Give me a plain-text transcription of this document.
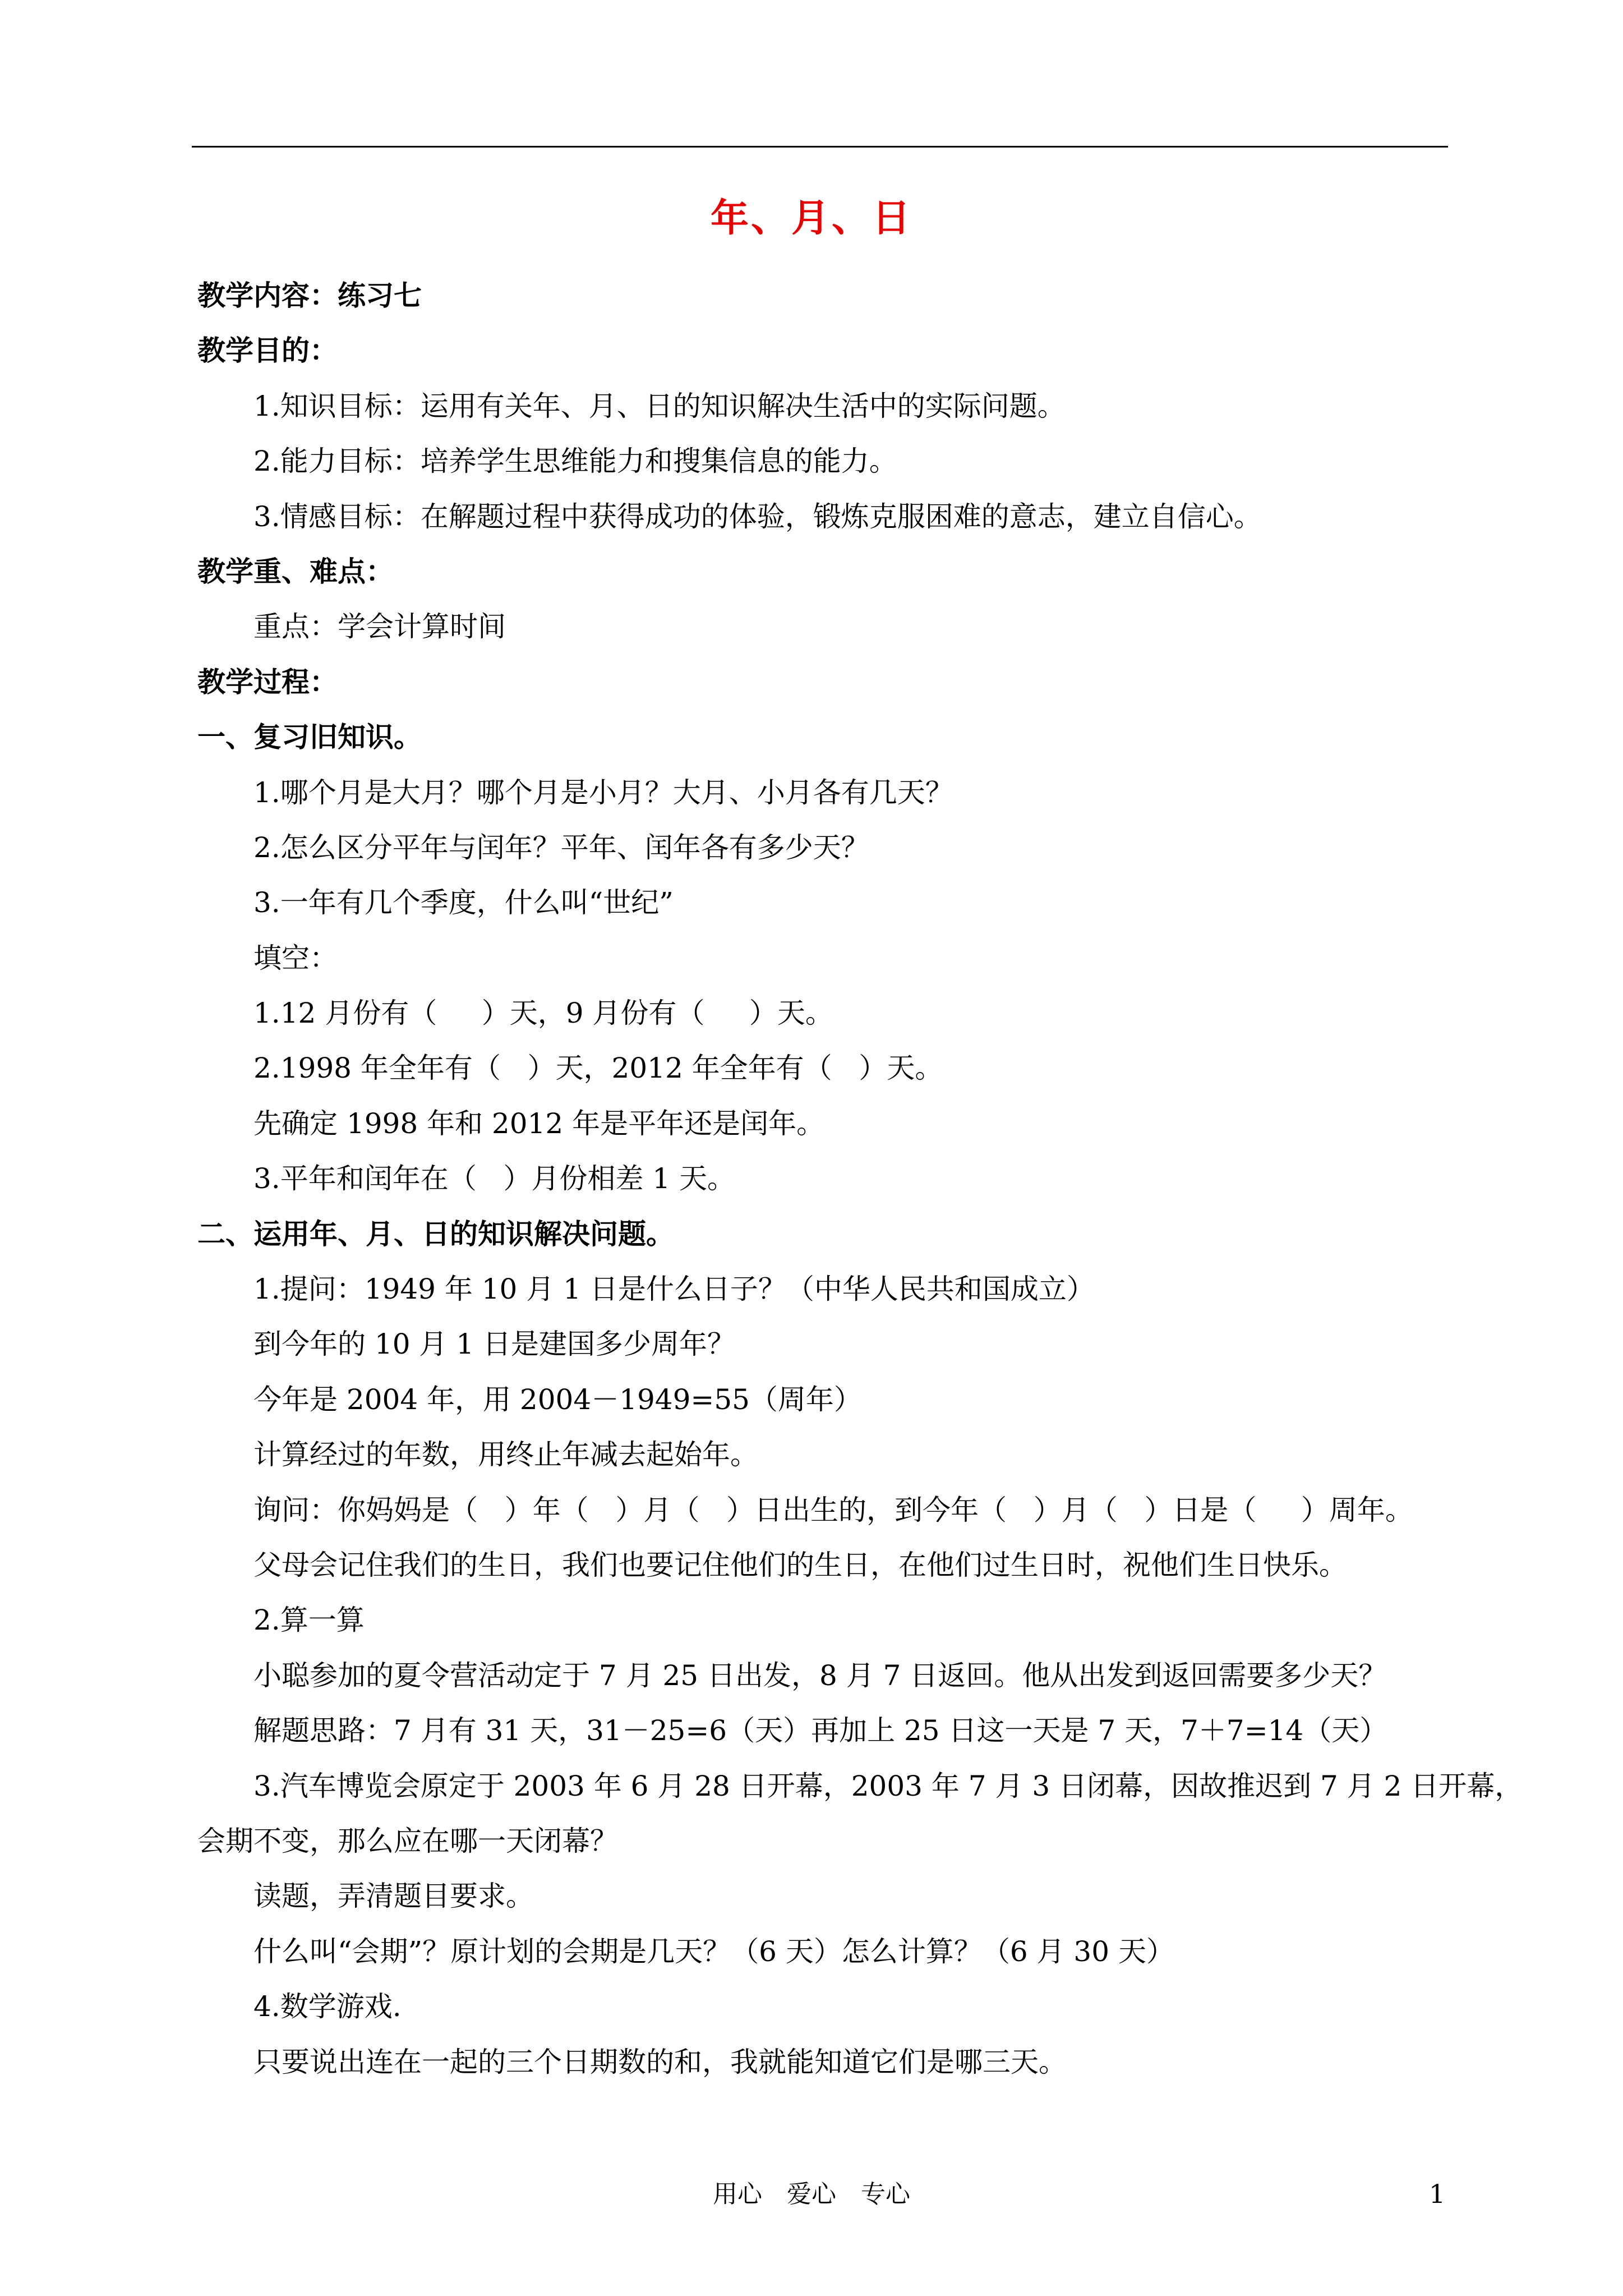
年、月、日
教学内容：练习七
教学目的：
1.知识目标：运用有关年、月、日的知识解决生活中的实际问题。
2.能力目标：培养学生思维能力和搜集信息的能力。
3.情感目标：在解题过程中获得成功的体验，锻炼克服困难的意志，建立自信心。
教学重、难点：
重点：学会计算时间
教学过程：
一、复习旧知识。
1.哪个月是大月？哪个月是小月？大月、小月各有几天？
2.怎么区分平年与闰年？平年、闰年各有多少天？
3.一年有几个季度，什么叫“世纪”
填空：
1.12 月份有（     ）天，9 月份有（     ）天。
2.1998 年全年有（   ）天，2012 年全年有（   ）天。
先确定 1998 年和 2012 年是平年还是闰年。
3.平年和闰年在（   ）月份相差 1 天。
二、运用年、月、日的知识解决问题。
1.提问：1949 年 10 月 1 日是什么日子？（中华人民共和国成立）
到今年的 10 月 1 日是建国多少周年？
今年是 2004 年，用 2004－1949=55（周年）
计算经过的年数，用终止年减去起始年。
询问：你妈妈是（   ）年（   ）月（   ）日出生的，到今年（   ）月（   ）日是（     ）周年。
父母会记住我们的生日，我们也要记住他们的生日，在他们过生日时，祝他们生日快乐。
2.算一算
小聪参加的夏令营活动定于 7 月 25 日出发，8 月 7 日返回。他从出发到返回需要多少天？
解题思路：7 月有 31 天，31－25=6（天）再加上 25 日这一天是 7 天，7＋7=14（天）
3.汽车博览会原定于 2003 年 6 月 28 日开幕，2003 年 7 月 3 日闭幕，因故推迟到 7 月 2 日开幕，
会期不变，那么应在哪一天闭幕？
读题，弄清题目要求。
什么叫“会期”？原计划的会期是几天？（6 天）怎么计算？（6 月 30 天）
4.数学游戏.
只要说出连在一起的三个日期数的和，我就能知道它们是哪三天。
用心　爱心　专心	1
